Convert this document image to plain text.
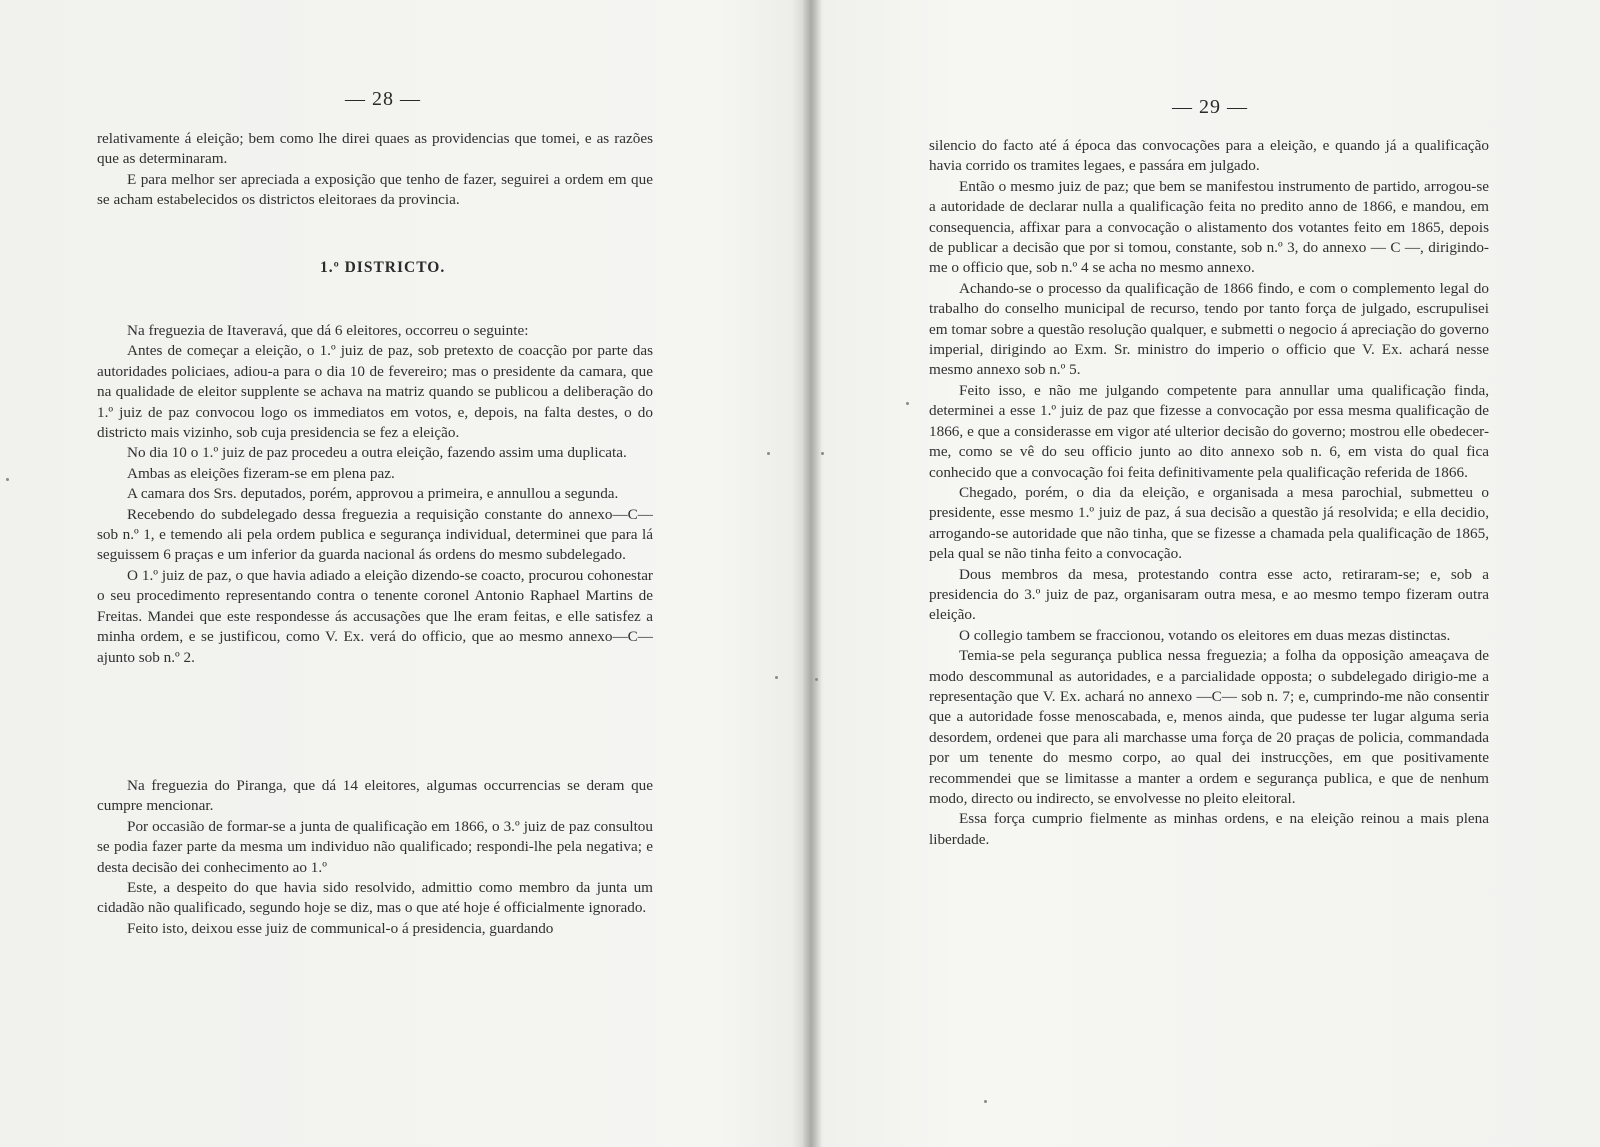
— 28 —

relativamente á eleição; bem como lhe direi quaes as providencias que tomei, e as razões que as determinaram.

E para melhor ser apreciada a exposição que tenho de fazer, seguirei a ordem em que se acham estabelecidos os districtos eleitoraes da provincia.

1.º DISTRICTO.

Na freguezia de Itaveravá, que dá 6 eleitores, occorreu o seguinte:

Antes de começar a eleição, o 1.º juiz de paz, sob pretexto de coacção por parte das autoridades policiaes, adiou-a para o dia 10 de fevereiro; mas o presidente da camara, que na qualidade de eleitor supplente se achava na matriz quando se publicou a deliberação do 1.º juiz de paz convocou logo os immediatos em votos, e, depois, na falta destes, o do districto mais vizinho, sob cuja presidencia se fez a eleição.

No dia 10 o 1.º juiz de paz procedeu a outra eleição, fazendo assim uma duplicata.

Ambas as eleições fizeram-se em plena paz.

A camara dos Srs. deputados, porém, approvou a primeira, e annullou a segunda.

Recebendo do subdelegado dessa freguezia a requisição constante do annexo—C—sob n.º 1, e temendo ali pela ordem publica e segurança individual, determinei que para lá seguissem 6 praças e um inferior da guarda nacional ás ordens do mesmo subdelegado.

O 1.º juiz de paz, o que havia adiado a eleição dizendo-se coacto, procurou cohonestar o seu procedimento representando contra o tenente coronel Antonio Raphael Martins de Freitas. Mandei que este respondesse ás accusações que lhe eram feitas, e elle satisfez a minha ordem, e se justificou, como V. Ex. verá do officio, que ao mesmo annexo—C—ajunto sob n.º 2.

Na freguezia do Piranga, que dá 14 eleitores, algumas occurrencias se deram que cumpre mencionar.

Por occasião de formar-se a junta de qualificação em 1866, o 3.º juiz de paz consultou se podia fazer parte da mesma um individuo não qualificado; respondi-lhe pela negativa; e desta decisão dei conhecimento ao 1.º

Este, a despeito do que havia sido resolvido, admittio como membro da junta um cidadão não qualificado, segundo hoje se diz, mas o que até hoje é officialmente ignorado.

Feito isto, deixou esse juiz de communical-o á presidencia, guardando

— 29 —

silencio do facto até á época das convocações para a eleição, e quando já a qualificação havia corrido os tramites legaes, e passára em julgado.

Então o mesmo juiz de paz; que bem se manifestou instrumento de partido, arrogou-se a autoridade de declarar nulla a qualificação feita no predito anno de 1866, e mandou, em consequencia, affixar para a convocação o alistamento dos votantes feito em 1865, depois de publicar a decisão que por si tomou, constante, sob n.º 3, do annexo — C —, dirigindo-me o officio que, sob n.º 4 se acha no mesmo annexo.

Achando-se o processo da qualificação de 1866 findo, e com o complemento legal do trabalho do conselho municipal de recurso, tendo por tanto força de julgado, escrupulisei em tomar sobre a questão resolução qualquer, e submetti o negocio á apreciação do governo imperial, dirigindo ao Exm. Sr. ministro do imperio o officio que V. Ex. achará nesse mesmo annexo sob n.º 5.

Feito isso, e não me julgando competente para annullar uma qualificação finda, determinei a esse 1.º juiz de paz que fizesse a convocação por essa mesma qualificação de 1866, e que a considerasse em vigor até ulterior decisão do governo; mostrou elle obedecer-me, como se vê do seu officio junto ao dito annexo sob n. 6, em vista do qual fica conhecido que a convocação foi feita definitivamente pela qualificação referida de 1866.

Chegado, porém, o dia da eleição, e organisada a mesa parochial, submetteu o presidente, esse mesmo 1.º juiz de paz, á sua decisão a questão já resolvida; e ella decidio, arrogando-se autoridade que não tinha, que se fizesse a chamada pela qualificação de 1865, pela qual se não tinha feito a convocação.

Dous membros da mesa, protestando contra esse acto, retiraram-se; e, sob a presidencia do 3.º juiz de paz, organisaram outra mesa, e ao mesmo tempo fizeram outra eleição.

O collegio tambem se fraccionou, votando os eleitores em duas mezas distinctas.

Temia-se pela segurança publica nessa freguezia; a folha da opposição ameaçava de modo descommunal as autoridades, e a parcialidade opposta; o subdelegado dirigio-me a representação que V. Ex. achará no annexo —C— sob n. 7; e, cumprindo-me não consentir que a autoridade fosse menoscabada, e, menos ainda, que pudesse ter lugar alguma seria desordem, ordenei que para ali marchasse uma força de 20 praças de policia, commandada por um tenente do mesmo corpo, ao qual dei instrucções, em que positivamente recommendei que se limitasse a manter a ordem e segurança publica, e que de nenhum modo, directo ou indirecto, se envolvesse no pleito eleitoral.

Essa força cumprio fielmente as minhas ordens, e na eleição reinou a mais plena liberdade.
